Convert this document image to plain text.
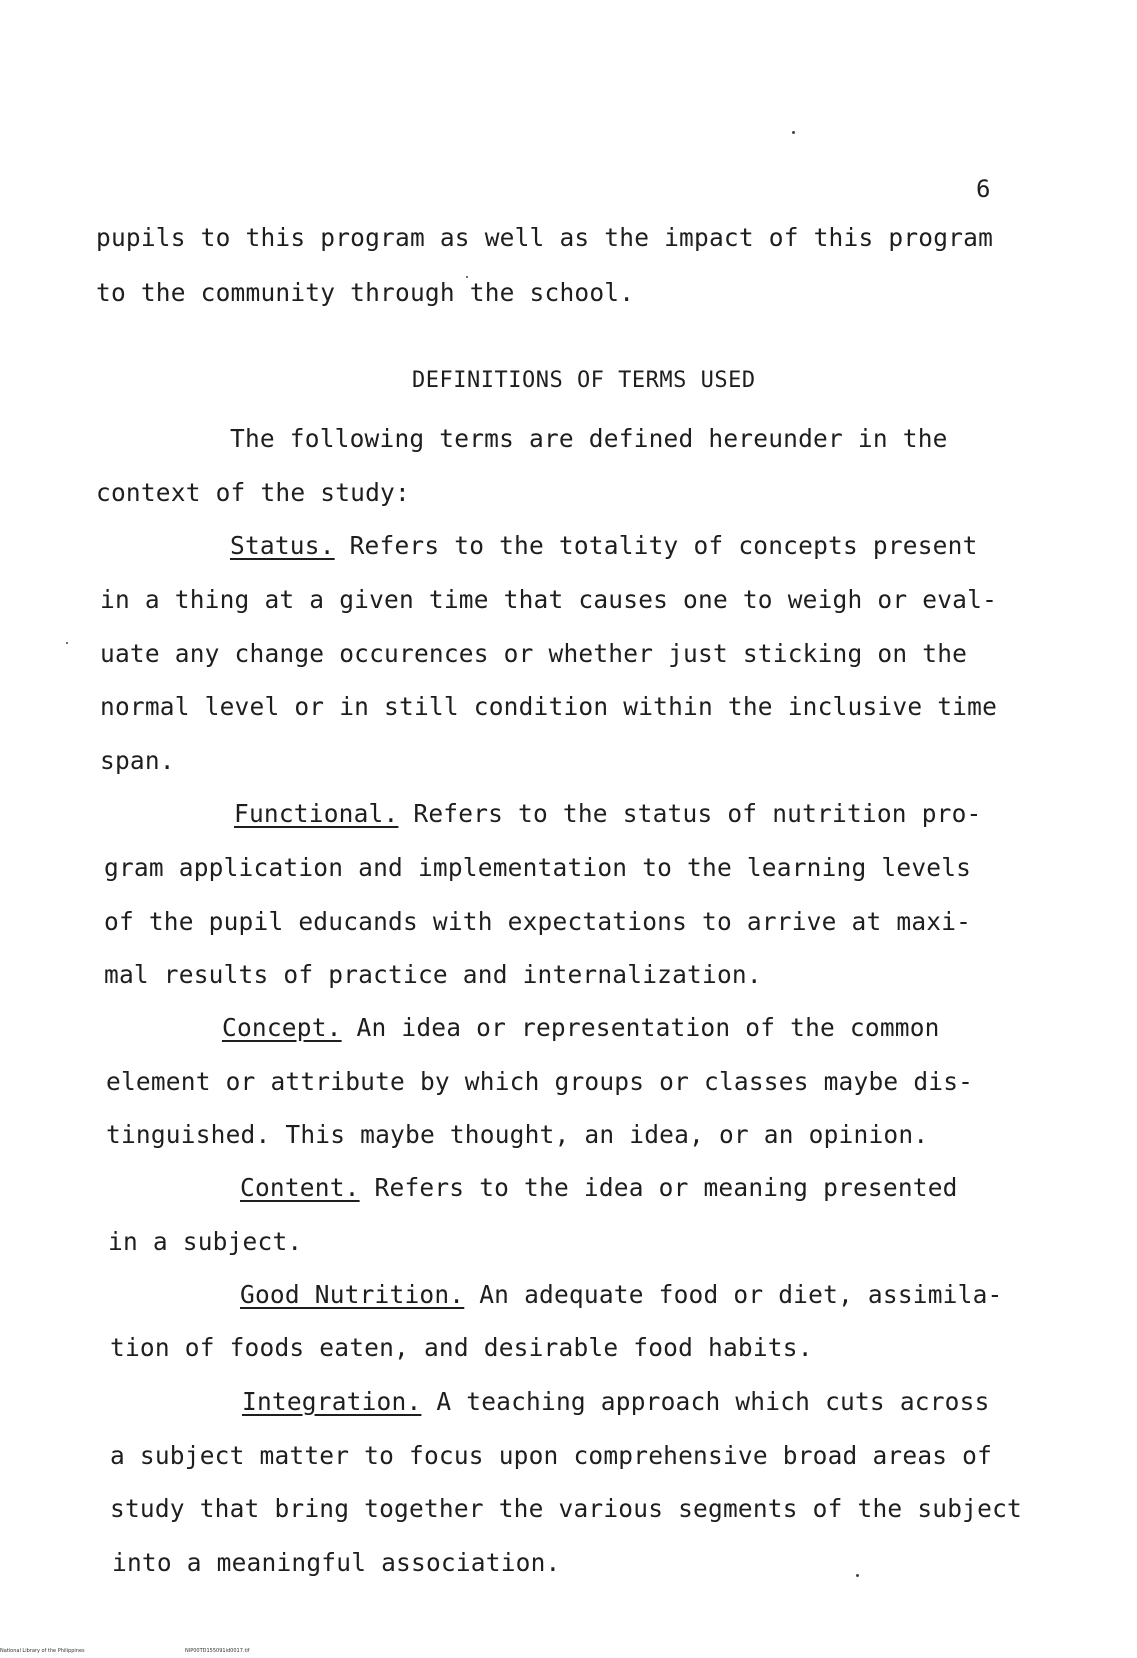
6
pupils to this program as well as the impact of this program
to the community through the school.
DEFINITIONS OF TERMS USED
The following terms are defined hereunder in the
context of the study:
Status. Refers to the totality of concepts present
in a thing at a given time that causes one to weigh or eval-
uate any change occurences or whether just sticking on the
normal level or in still condition within the inclusive time
span.
Functional. Refers to the status of nutrition pro-
gram application and implementation to the learning levels
of the pupil educands with expectations to arrive at maxi-
mal results of practice and internalization.
Concept. An idea or representation of the common
element or attribute by which groups or classes maybe dis-
tinguished. This maybe thought, an idea, or an opinion.
Content. Refers to the idea or meaning presented
in a subject.
Good Nutrition. An adequate food or diet, assimila-
tion of foods eaten, and desirable food habits.
Integration. A teaching approach which cuts across
a subject matter to focus upon comprehensive broad areas of
study that bring together the various segments of the subject
into a meaningful association.
National Library of the Philippines	NIP00TD155091id0017.tif
